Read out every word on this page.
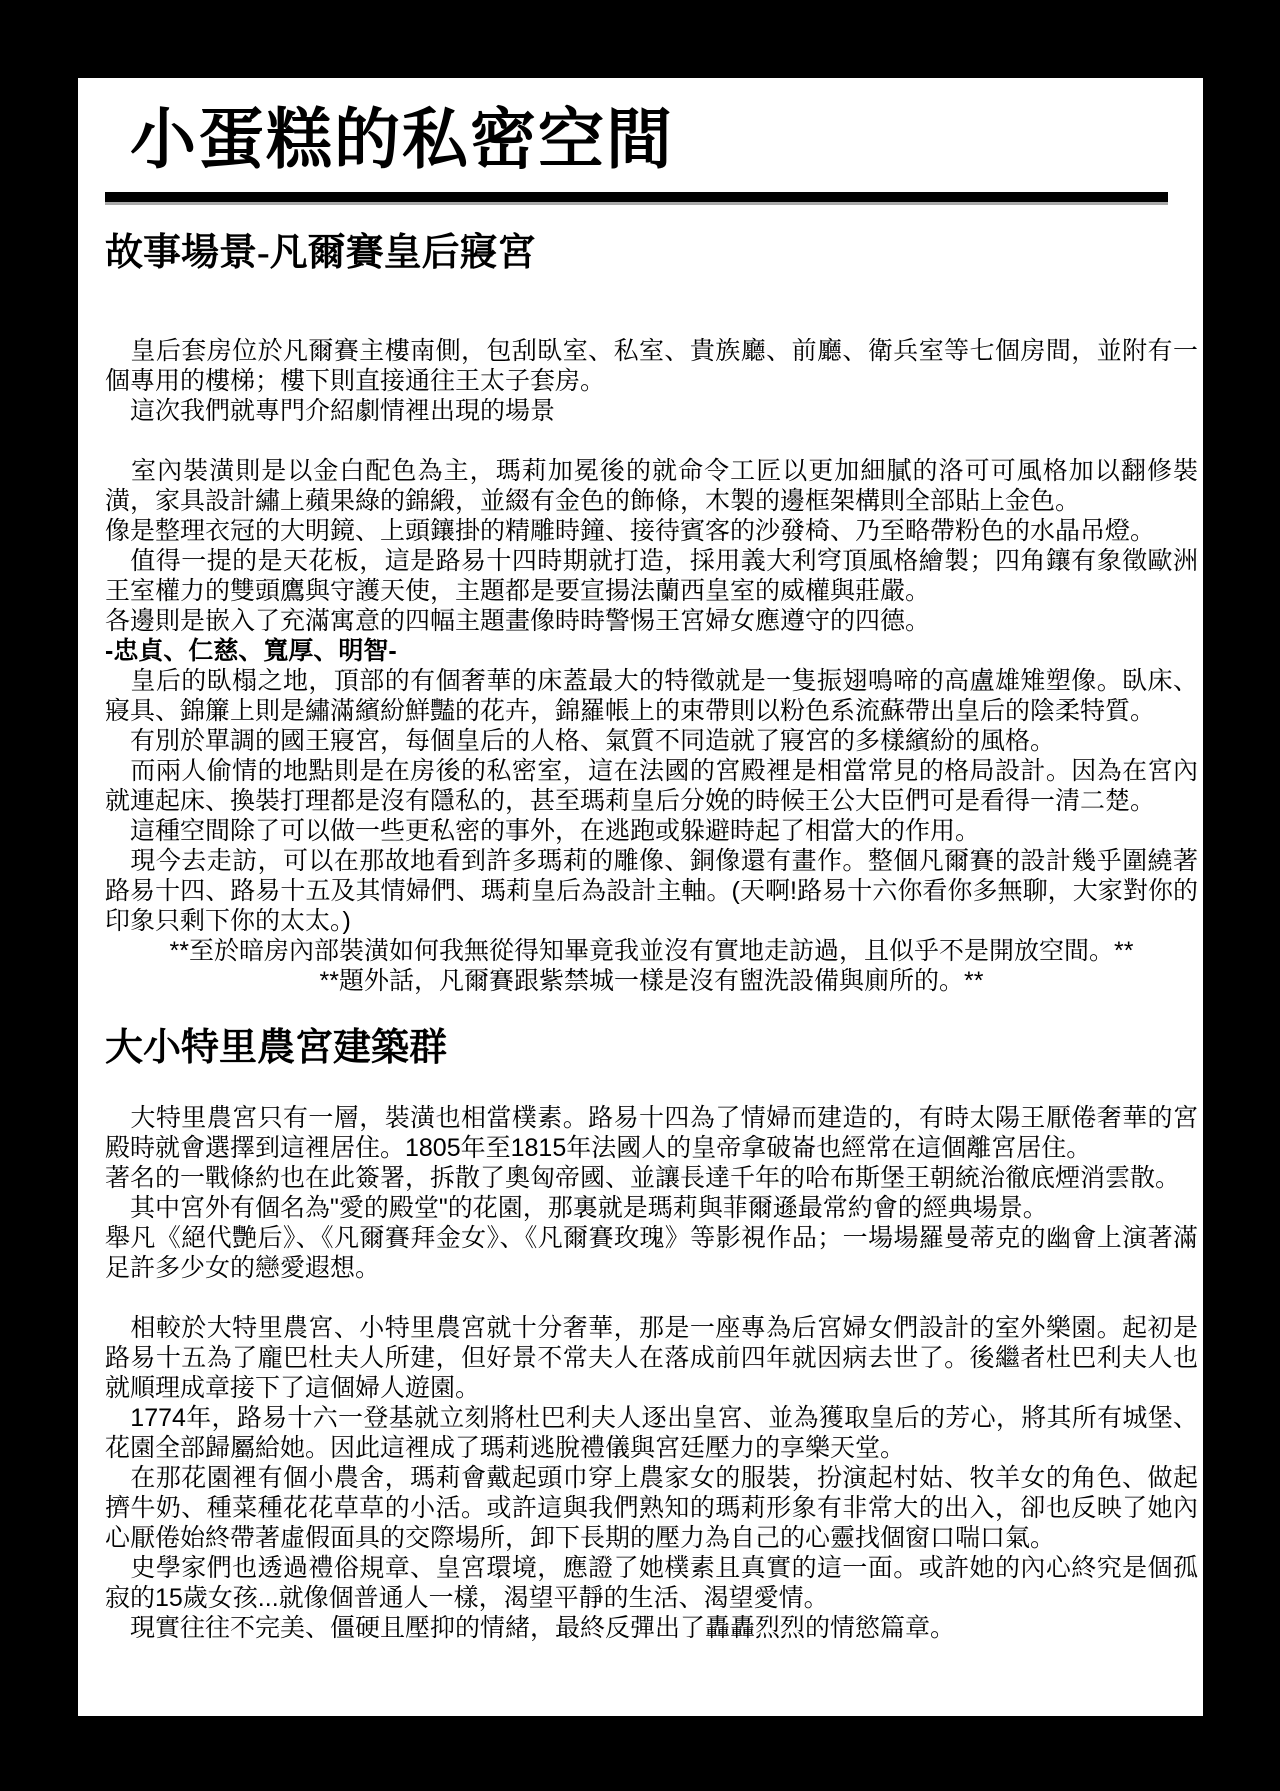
小蛋糕的私密空間
故事場景-凡爾賽皇后寢宮

　皇后套房位於凡爾賽主樓南側，包刮臥室、私室、貴族廳、前廳、衛兵室等七個房間，並附有一個專用的樓梯；樓下則直接通往王太子套房。

　這次我們就專門介紹劇情裡出現的場景

　室內裝潢則是以金白配色為主，瑪莉加冕後的就命令工匠以更加細膩的洛可可風格加以翻修裝潢，家具設計繡上蘋果綠的錦緞，並綴有金色的飾條，木製的邊框架構則全部貼上金色。

像是整理衣冠的大明鏡、上頭鑲掛的精雕時鐘、接待賓客的沙發椅、乃至略帶粉色的水晶吊燈。

　值得一提的是天花板，這是路易十四時期就打造，採用義大利穹頂風格繪製；四角鑲有象徵歐洲王室權力的雙頭鷹與守護天使，主題都是要宣揚法蘭西皇室的威權與莊嚴。

各邊則是嵌入了充滿寓意的四幅主題畫像時時警惕王宮婦女應遵守的四德。

-忠貞、仁慈、寬厚、明智-

　皇后的臥榻之地，頂部的有個奢華的床蓋最大的特徵就是一隻振翅鳴啼的高盧雄雉塑像。臥床、寢具、錦簾上則是繡滿繽紛鮮豔的花卉，錦羅帳上的束帶則以粉色系流蘇帶出皇后的陰柔特質。

　有別於單調的國王寢宮，每個皇后的人格、氣質不同造就了寢宮的多樣繽紛的風格。

　而兩人偷情的地點則是在房後的私密室，這在法國的宮殿裡是相當常見的格局設計。因為在宮內就連起床、換裝打理都是沒有隱私的，甚至瑪莉皇后分娩的時候王公大臣們可是看得一清二楚。

　這種空間除了可以做一些更私密的事外，在逃跑或躲避時起了相當大的作用。

　現今去走訪，可以在那故地看到許多瑪莉的雕像、銅像還有畫作。整個凡爾賽的設計幾乎圍繞著路易十四、路易十五及其情婦們、瑪莉皇后為設計主軸。(天啊!路易十六你看你多無聊，大家對你的印象只剩下你的太太。)

**至於暗房內部裝潢如何我無從得知畢竟我並沒有實地走訪過，且似乎不是開放空間。**

**題外話，凡爾賽跟紫禁城一樣是沒有盥洗設備與廁所的。**

大小特里農宮建築群

　大特里農宮只有一層，裝潢也相當樸素。路易十四為了情婦而建造的，有時太陽王厭倦奢華的宮殿時就會選擇到這裡居住。1805年至1815年法國人的皇帝拿破崙也經常在這個離宮居住。

著名的一戰條約也在此簽署，拆散了奧匈帝國、並讓長達千年的哈布斯堡王朝統治徹底煙消雲散。

　其中宮外有個名為"愛的殿堂"的花園，那裏就是瑪莉與菲爾遜最常約會的經典場景。

舉凡《絕代艷后》、《凡爾賽拜金女》、《凡爾賽玫瑰》等影視作品；一場場羅曼蒂克的幽會上演著滿足許多少女的戀愛遐想。

　相較於大特里農宮、小特里農宮就十分奢華，那是一座專為后宮婦女們設計的室外樂園。起初是路易十五為了龐巴杜夫人所建，但好景不常夫人在落成前四年就因病去世了。後繼者杜巴利夫人也就順理成章接下了這個婦人遊園。

　1774年，路易十六一登基就立刻將杜巴利夫人逐出皇宮、並為獲取皇后的芳心，將其所有城堡、花園全部歸屬給她。因此這裡成了瑪莉逃脫禮儀與宮廷壓力的享樂天堂。

　在那花園裡有個小農舍，瑪莉會戴起頭巾穿上農家女的服裝，扮演起村姑、牧羊女的角色、做起擠牛奶、種菜種花花草草的小活。或許這與我們熟知的瑪莉形象有非常大的出入，卻也反映了她內心厭倦始終帶著虛假面具的交際場所，卸下長期的壓力為自己的心靈找個窗口喘口氣。

　史學家們也透過禮俗規章、皇宮環境，應證了她樸素且真實的這一面。或許她的內心終究是個孤寂的15歲女孩...就像個普通人一樣，渴望平靜的生活、渴望愛情。

　現實往往不完美、僵硬且壓抑的情緒，最終反彈出了轟轟烈烈的情慾篇章。
